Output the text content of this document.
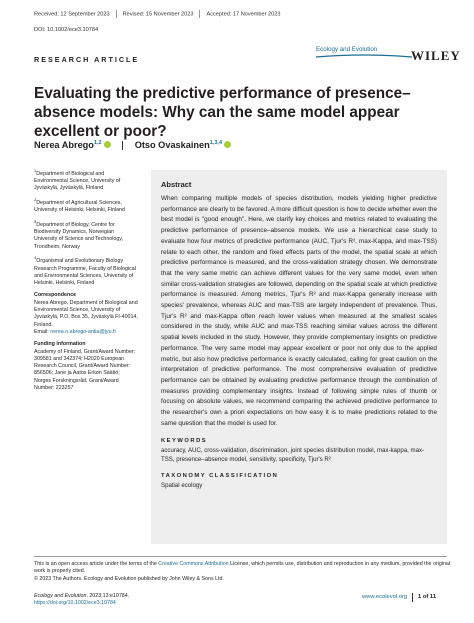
Received: 12 September 2023 Revised: 15 November 2023 Accepted: 17 November 2023
DOI: 10.1002/ece3.10784
Ecology and Evolution	WILEY
RESEARCH ARTICLE
Evaluating the predictive performance of presence–absence models: Why can the same model appear excellent or poor?
Nerea Abrego$^{1,2}$	Otso Ovaskainen$^{1,3,4}$
$^1$Department of Biological and Environmental Science, University of Jyväskylä, Jyväskylä, Finland
$^2$Department of Agricultural Sciences, University of Helsinki, Helsinki, Finland
$^3$Department of Biology, Centre for Biodiversity Dynamics, Norwegian University of Science and Technology, Trondheim, Norway
$^4$Organismal and Evolutionary Biology Research Programme, Faculty of Biological and Environmental Sciences, University of Helsinki, Helsinki, Finland
Correspondence
Nerea Abrego, Department of Biological and Environmental Science, University of Jyväskylä, P.O. Box 35, Jyväskylä FI-40014, Finland.
Email: nerea.n.abrego-antia@jyu.fi
Funding information
Academy of Finland, Grant/Award Number: 309581 and 342374; H2020 European Research Council, Grant/Award Number: 856506; Jane ja Aatos Erkon Säätiö; Norges Forskningsråd, Grant/Award Number: 223257
Abstract

When comparing multiple models of species distribution, models yielding higher predictive performance are clearly to be favored. A more difficult question is how to decide whether even the best model is "good enough". Here, we clarify key choices and metrics related to evaluating the predictive performance of presence–absence models. We use a hierarchical case study to evaluate how four metrics of predictive performance (AUC, Tjur's R², max-Kappa, and max-TSS) relate to each other, the random and fixed effects parts of the model, the spatial scale at which predictive performance is measured, and the cross-validation strategy chosen. We demonstrate that the very same metric can achieve different values for the very same model, even when similar cross-validation strategies are followed, depending on the spatial scale at which predictive performance is measured. Among metrics, Tjur's R² and max-Kappa generally increase with species' prevalence, whereas AUC and max-TSS are largely independent of prevalence. Thus, Tjur's R² and max-Kappa often reach lower values when measured at the smallest scales considered in the study, while AUC and max-TSS reaching similar values across the different spatial levels included in the study. However, they provide complementary insights on predictive performance. The very same model may appear excellent or poor not only due to the applied metric, but also how predictive performance is exactly calculated, calling for great caution on the interpretation of predictive performance. The most comprehensive evaluation of predictive performance can be obtained by evaluating predictive performance through the combination of measures providing complementary insights. Instead of following simple rules of thumb or focusing on absolute values, we recommend comparing the achieved predictive performance to the researcher's own a priori expectations on how easy it is to make predictions related to the same question that the model is used for.

KEYWORDS
accuracy, AUC, cross-validation, discrimination, joint species distribution model, max-kappa, max-TSS, presence–absence model, sensitivity, specificity, Tjur's R²
TAXONOMY CLASSIFICATION
Spatial ecology
This is an open access article under the terms of the Creative Commons Attribution License, which permits use, distribution and reproduction in any medium, provided the original work is properly cited.
© 2023 The Authors. Ecology and Evolution published by John Wiley & Sons Ltd.
Ecology and Evolution. 2023;13:e10784.
https://doi.org/10.1002/ece3.10784
www.ecolevol.org 1 of 11
